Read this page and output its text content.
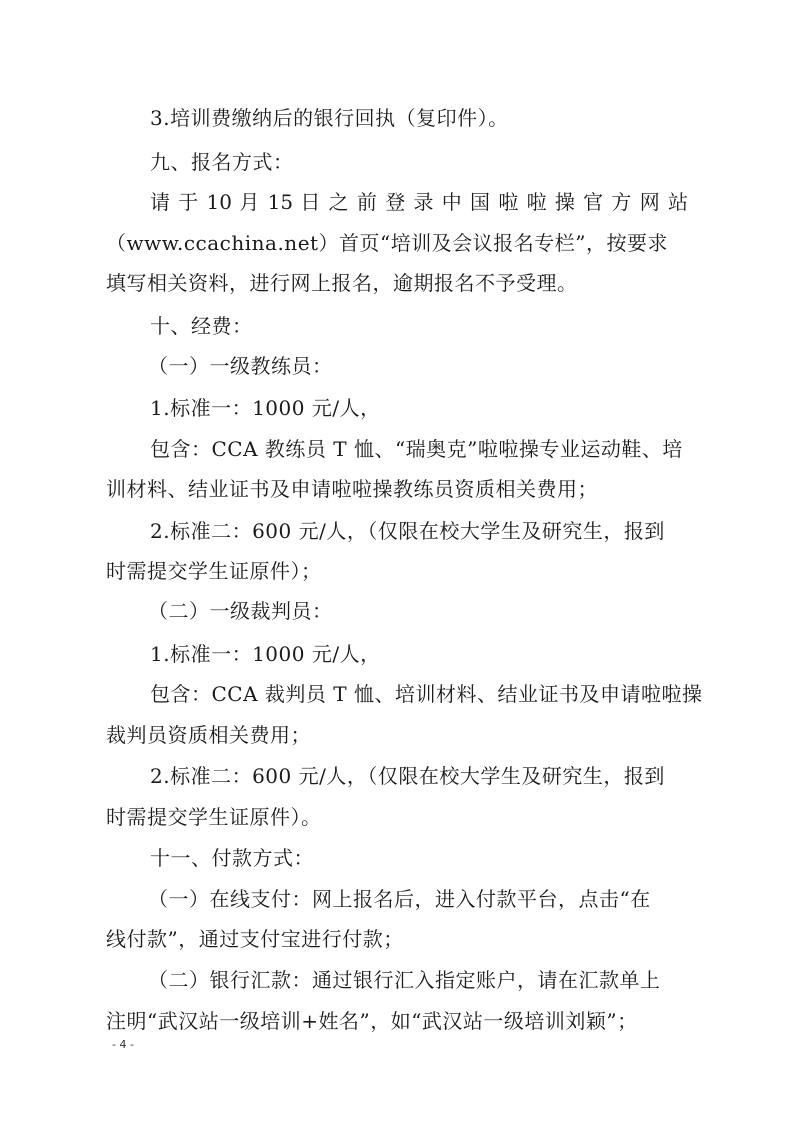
3.培训费缴纳后的银行回执（复印件）。
九、报名方式：
请 于 10 月 15 日 之 前 登 录 中 国 啦 啦 操 官 方 网 站
（www.ccachina.net）首页“培训及会议报名专栏”，按要求
填写相关资料，进行网上报名，逾期报名不予受理。
十、经费：
（一）一级教练员：
1.标准一：1000 元/人，
包含：CCA 教练员 T 恤、“瑞奥克”啦啦操专业运动鞋、培
训材料、结业证书及申请啦啦操教练员资质相关费用；
2.标准二：600 元/人，（仅限在校大学生及研究生，报到
时需提交学生证原件）；
（二）一级裁判员：
1.标准一：1000 元/人，
包含：CCA 裁判员 T 恤、培训材料、结业证书及申请啦啦操
裁判员资质相关费用；
2.标准二：600 元/人，（仅限在校大学生及研究生，报到
时需提交学生证原件）。
十一、付款方式：
（一）在线支付：网上报名后，进入付款平台，点击“在
线付款”，通过支付宝进行付款；
（二）银行汇款：通过银行汇入指定账户，请在汇款单上
注明“武汉站一级培训+姓名”，如“武汉站一级培训刘颖”；
- 4 -
